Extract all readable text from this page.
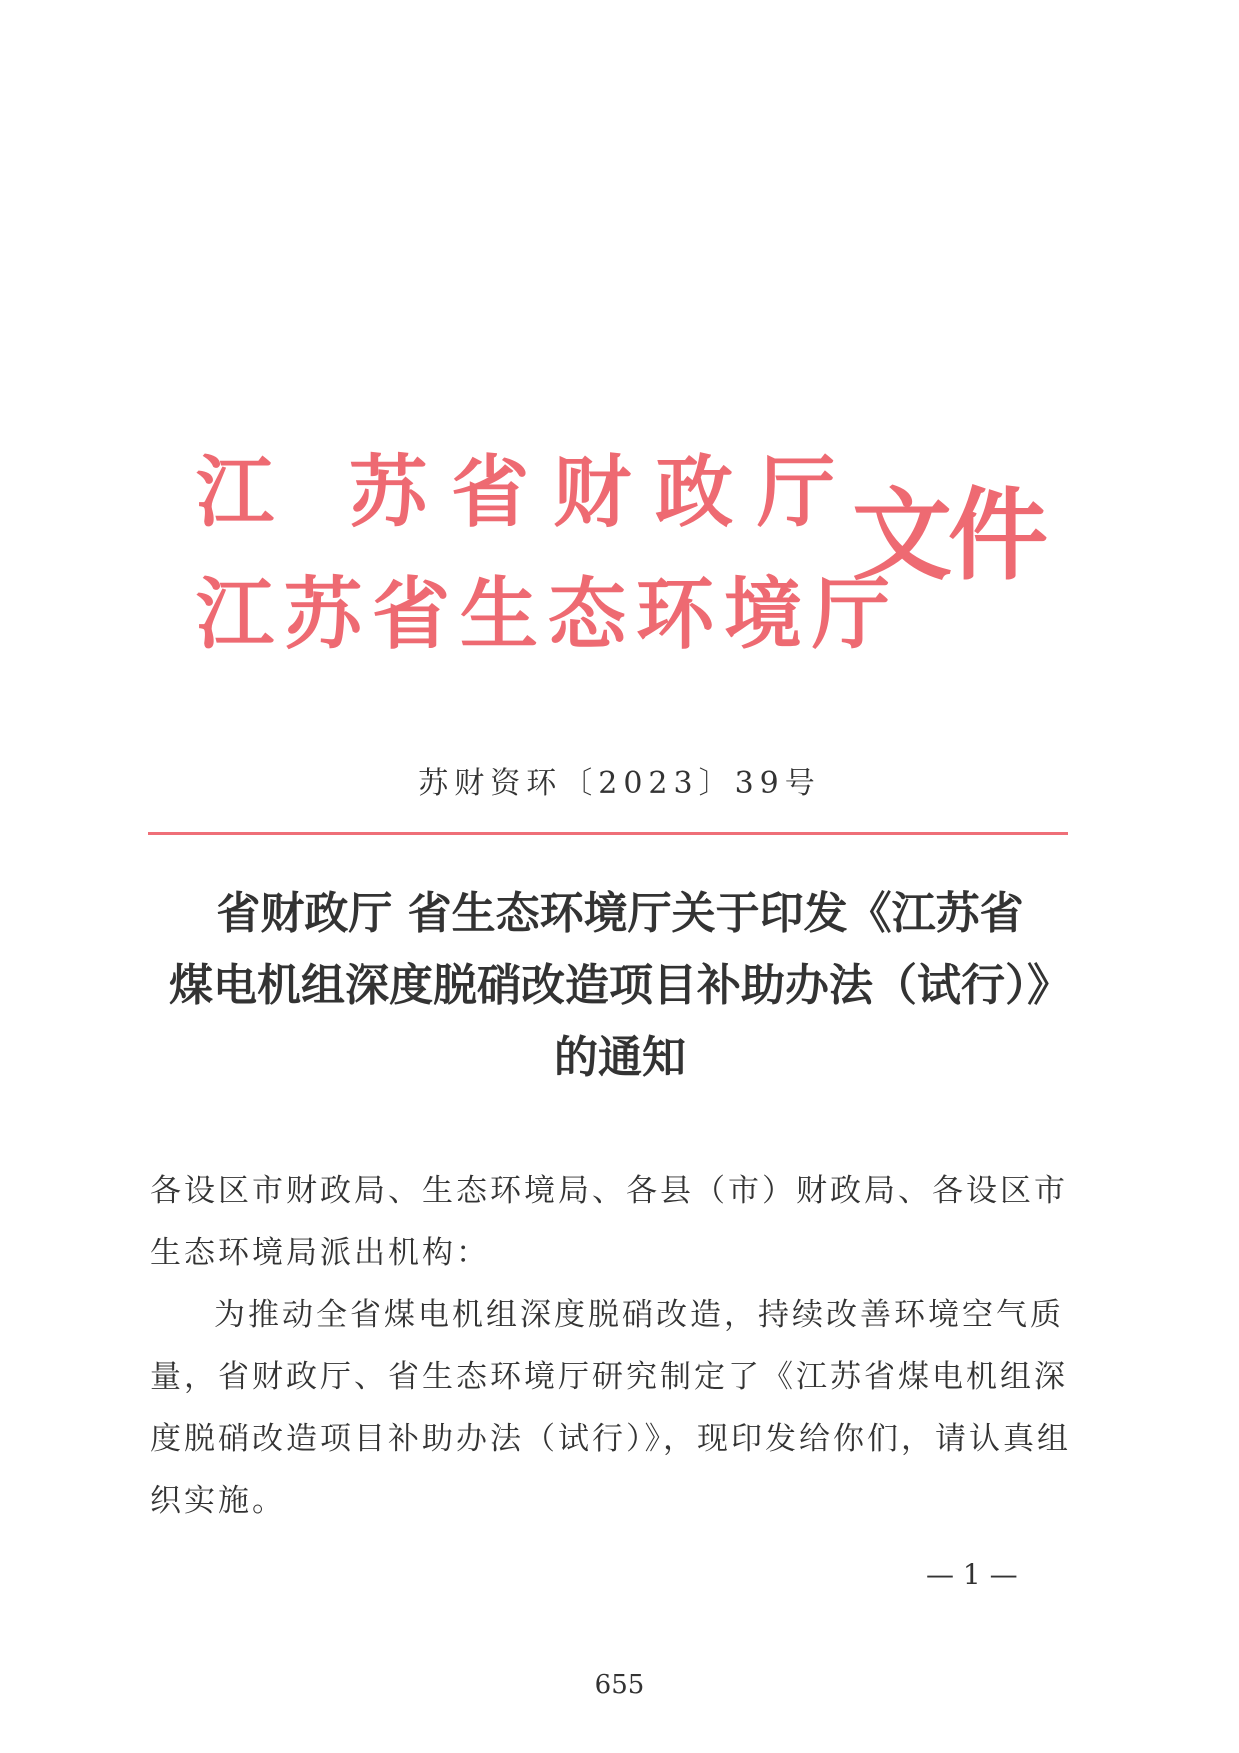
江 苏省财政厅
江苏省生态环境厅
文件
苏财资环〔2023〕39号
省财政厅 省生态环境厅关于印发《江苏省
煤电机组深度脱硝改造项目补助办法（试行）》
的通知

各设区市财政局、生态环境局、各县（市）财政局、各设区市生态环境局派出机构：

为推动全省煤电机组深度脱硝改造，持续改善环境空气质量，省财政厅、省生态环境厅研究制定了《江苏省煤电机组深度脱硝改造项目补助办法（试行）》，现印发给你们，请认真组织实施。

— 1 —
655
